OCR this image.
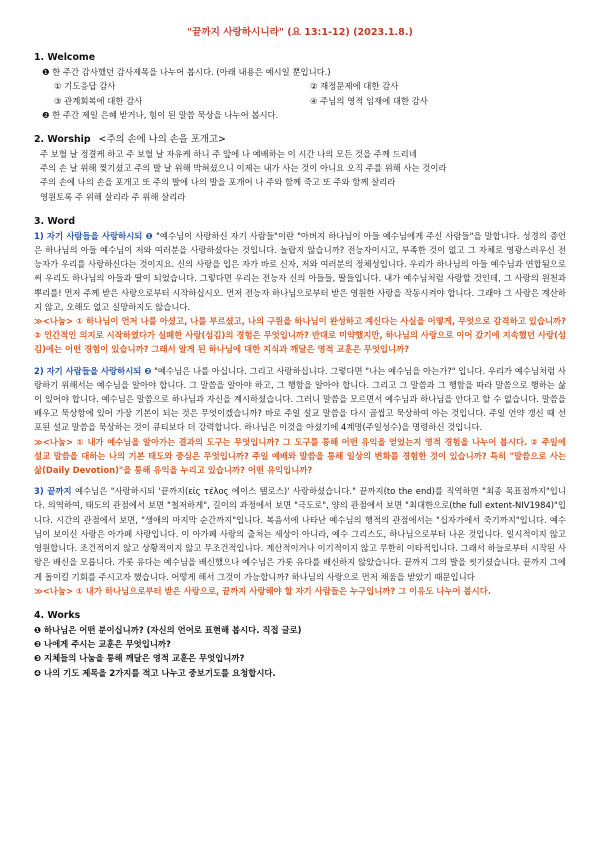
"끝까지 사랑하시니라" (요 13:1-12) (2023.1.8.)
1. Welcome
❶ 한 주간 감사했던 감사제목을 나누어 봅시다. (아래 내용은 예시일 뿐입니다.)
① 기도응답 감사	② 재정문제에 대한 감사
③ 관계회복에 대한 감사	④ 주님의 영적 임재에 대한 감사
❷ 한 주간 제일 은혜 받거나, 힘이 된 말씀 묵상을 나누어 봅시다.
2. Worship <주의 손에 나의 손을 포개고>
주 보혈 날 정결케 하고 주 보혈 날 자유케 하니 주 앞에 나 예배하는 이 시간 나의 모든 것을 주께 드리네
주의 손 날 위해 찢기셨고 주의 발 날 위해 박혀셨으니 이제는 내가 사는 것이 아니요 오직 주를 위해 사는 것이라
주의 손에 나의 손을 포개고 또 주의 발에 나의 발을 포개어 나 주와 함께 죽고 또 주와 함께 살리라
영원토록 주 위해 살리라 주 위해 살리라
3. Word
1) 자기 사람들을 사랑하시되 ❶ "예수님이 사랑하신 자기 사람들"이란 "아버지 하나님이 아들 예수님에게 주신 사람들"을 말합니다. 성경의 증언은 하나님의 아들 예수님이 저와 여러분을 사랑하셨다는 것입니다. 놀랍지 않습니까? 전능자이시고, 부족한 것이 없고 그 자체로 영광스러우신 전능자가 우리를 사랑하신다는 것이지요. 신의 사랑을 입은 자가 바로 신자, 저와 여러분의 정체성입니다. 우리가 하나님의 아들 예수님과 연합됨으로써 우리도 하나님의 아들과 딸이 되었습니다. 그렇다면 우리는 전능자 신의 아들들, 딸들입니다. 내가 예수님처럼 사랑할 것인데, 그 사랑의 원천과 뿌리를! 먼저 주께 받은 사랑으로부터 시작하십시오. 먼저 전능자 하나님으로부터 받은 영원한 사랑을 작동시켜야 합니다. 그래야 그 사랑은 계산하지 않고, 오해도 없고 실망하지도 않습니다.
≫<나눔> ① 하나님이 먼저 나를 아셨고, 나를 부르셨고, 나의 구원을 하나님이 완성하고 계신다는 사실을 어떻게, 무엇으로 감격하고 있습니까? ② 인간적인 의지로 시작하였다가 실패한 사랑(섬김)의 경험은 무엇입니까? 반대로 미약했지만, 하나님의 사랑으로 이어 갔기에 지속했던 사랑(섬김)에는 어떤 경험이 있습니까? 그래서 알게 된 하나님에 대한 지식과 깨달은 영적 교훈은 무엇입니까?
2) 자기 사람들을 사랑하시되 ❷ "예수님은 나를 아십니다. 그리고 사랑하십니다. 그렇다면 "나는 예수님을 아는가?" 입니다. 우리가 예수님처럼 사랑하기 위해서는 예수님을 알아야 합니다. 그 말씀을 알아야 하고, 그 행함을 알아야 합니다. 그리고 그 말씀과 그 행함을 따라 말씀으로 행하는 삶이 있어야 합니다. 예수님은 말씀으로 하나님과 자신을 계시하셨습니다. 그러니 말씀을 모르면서 예수님과 하나님을 안다고 할 수 없습니다. 말씀을 배우고 묵상함에 있어 가장 기본이 되는 것은 무엇이겠습니까? 바로 주일 설교 말씀을 다시 곱씹고 묵상하여 아는 것입니다. 주일 언약 갱신 때 선포된 설교 말씀을 묵상하는 것이 큐티보다 더 강력합니다. 하나님은 이것을 아셨기에 4계명(주일성수)을 명령하신 것입니다.
≫<나눔> ① 내가 예수님을 알아가는 결과의 도구는 무엇입니까? 그 도구를 통해 어떤 유익을 얻었는지 영적 경험을 나누어 봅시다. ② 주일에 설교 말씀을 대하는 나의 기본 태도와 중심은 무엇입니까? 주일 예배와 말씀을 통해 일상의 변화를 경험한 것이 있습니까? 특히 "말씀으로 사는 삶(Daily Devotion)"을 통해 유익을 누리고 있습니까? 어떤 유익입니까?
3) 끝까지 예수님은 "사랑하시되 '끝까지(εἰς τέλος 에이스 텔로스)' 사랑하셨습니다." 끝까지(to the end)를 직역하면 "최종 목표점까지"입니다. 의역하여, 태도의 관점에서 보면 "철저하게", 길이의 과정에서 보면 "극도로", 양의 관점에서 보면 "최대한으로(the full extent-NIV1984)"입니다. 시간의 관점에서 보면, "생애의 마지막 순간까지"입니다. 복음서에 나타난 예수님의 행적의 관점에서는 "십자가에서 죽기까지"입니다. 예수님이 보이신 사랑은 아가페 사랑입니다. 이 아가페 사랑의 출처는 세상이 아니라, 예수 그리스도, 하나님으로부터 나온 것입니다. 일시적이지 않고 영원합니다. 조건적이지 않고 상황적이지 않고 무조건적입니다. 계산적이거나 이기적이지 않고 무한히 이타적입니다. 그래서 하늘로부터 시작된 사랑은 배신을 모릅니다. 가롯 유다는 예수님을 배신했으나 예수님은 가롯 유다를 배신하지 않았습니다. 끝까지 그의 발을 씻기셨습니다. 끝까지 그에게 돌이킬 기회를 주시고자 했습니다. 어떻게 해서 그것이 가능합니까? 하나님의 사랑으로 먼저 채움을 받았기 때문입니다
≫<나눔> ① 내가 하나님으로부터 받은 사랑으로, 끝까지 사랑해야 할 자기 사람들은 누구입니까? 그 이유도 나누어 봅시다.
4. Works
❶ 하나님은 어떤 분이십니까? (자신의 언어로 표현해 봅시다. 직접 글로)
❷ 나에게 주시는 교훈은 무엇입니까?
❸ 지체들의 나눔을 통해 깨달은 영적 교훈은 무엇입니까?
❹ 나의 기도 제목을 2가지를 적고 나누고 중보기도를 요청합시다.
